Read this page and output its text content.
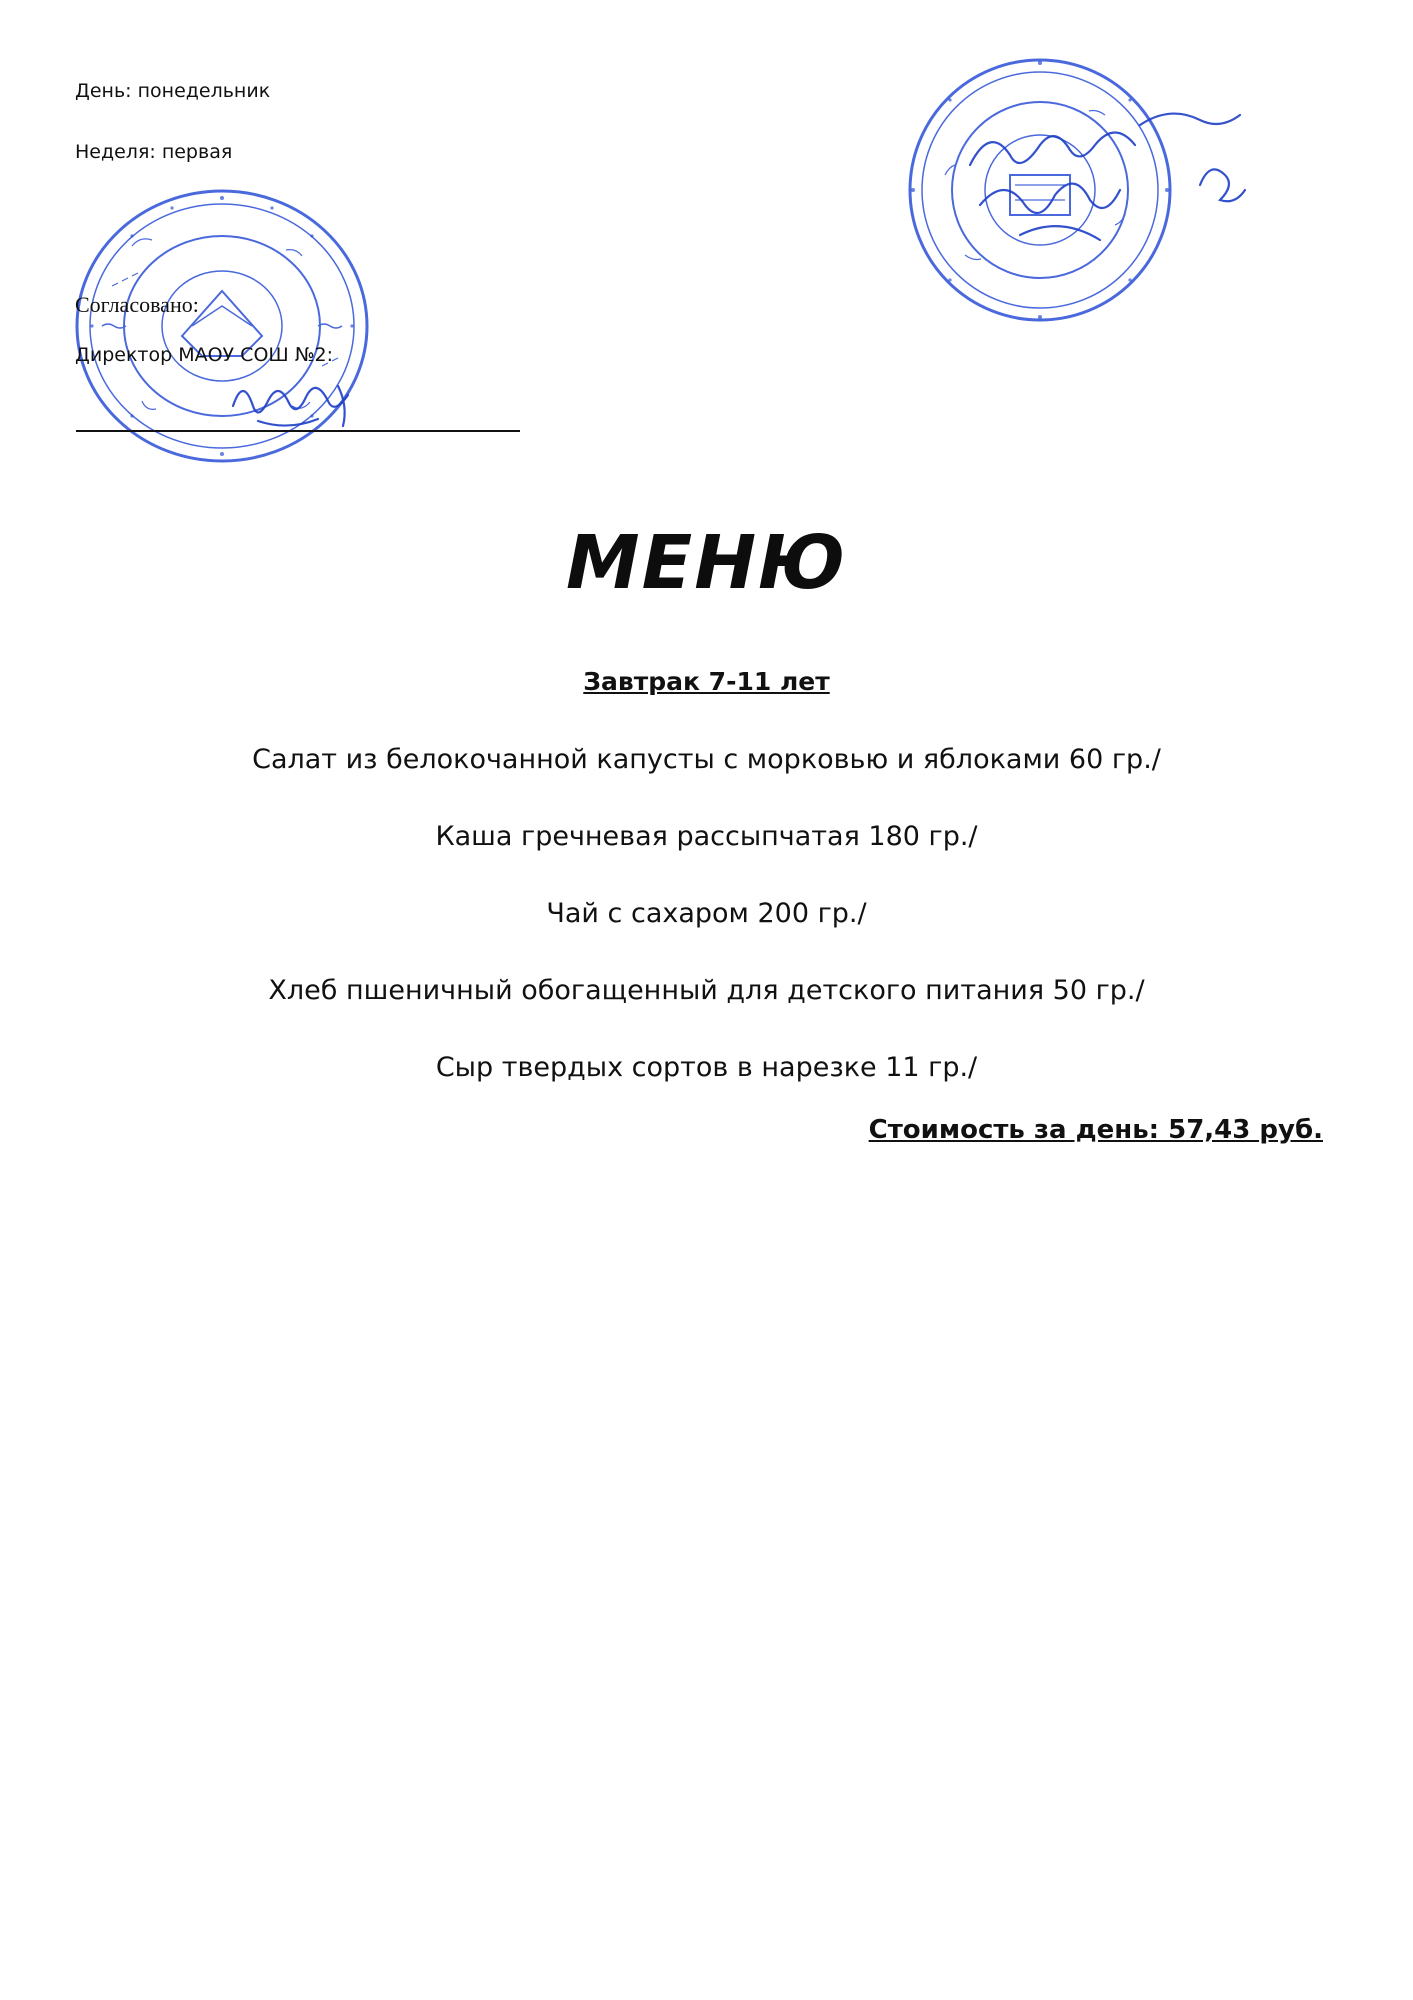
День: понедельник
Неделя: первая
Согласовано:
Директор МАОУ СОШ №2:
МЕНЮ
Завтрак 7-11 лет
Салат из белокочанной капусты с морковью и яблоками 60 гр./
Каша гречневая рассыпчатая 180 гр./
Чай с сахаром 200 гр./
Хлеб пшеничный обогащенный для детского питания 50 гр./
Сыр твердых сортов в нарезке 11 гр./
Стоимость за день: 57,43 руб.
